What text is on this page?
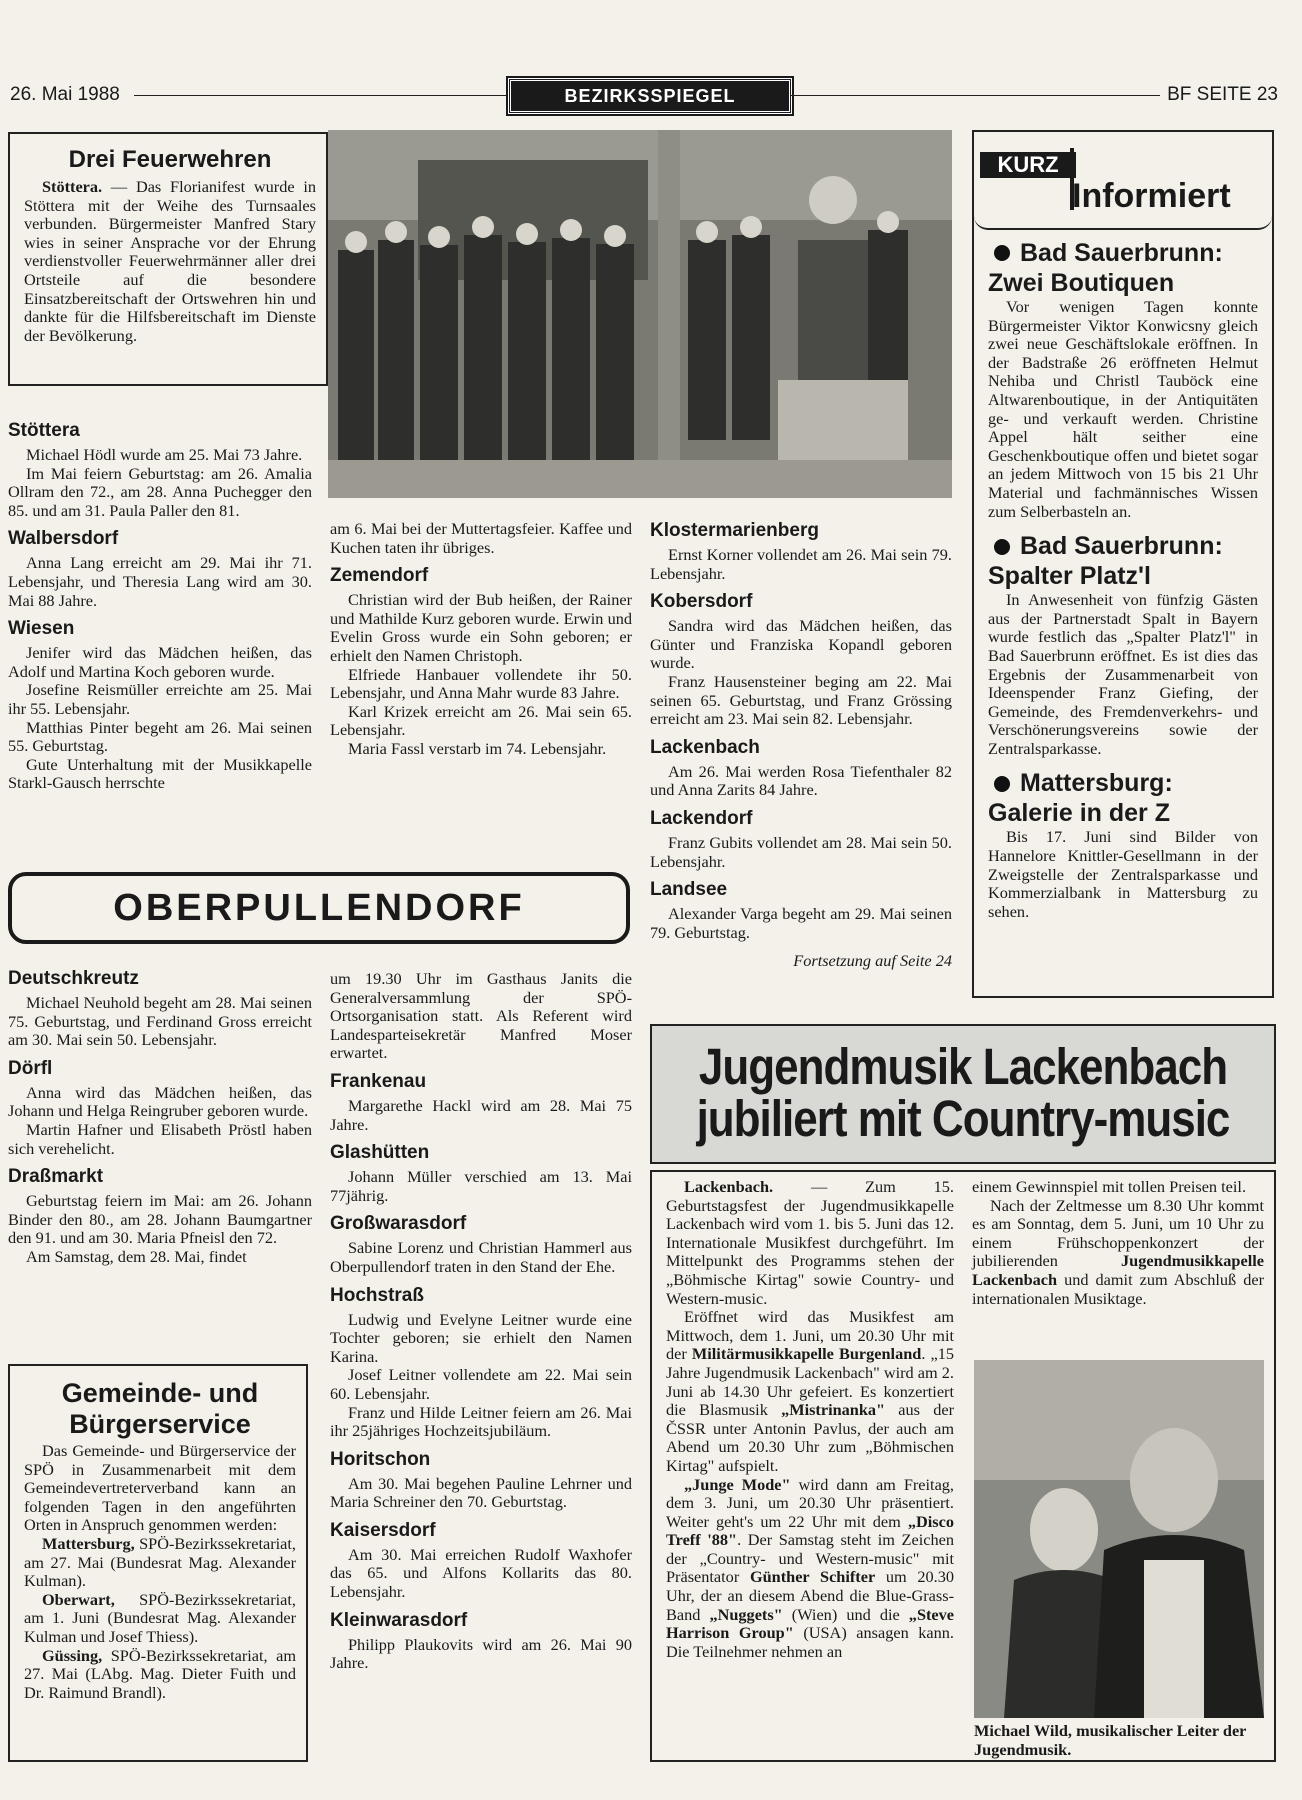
26. Mai 1988	BEZIRKSSPIEGEL	BF SEITE 23
Drei Feuerwehren

Stöttera. — Das Florianifest wurde in Stöttera mit der Weihe des Turnsaales verbunden. Bürgermeister Manfred Stary wies in seiner Ansprache vor der Ehrung verdienstvoller Feuerwehrmänner aller drei Ortsteile auf die besondere Einsatzbereitschaft der Ortswehren hin und dankte für die Hilfsbereitschaft im Dienste der Bevölkerung.

Stöttera

Michael Hödl wurde am 25. Mai 73 Jahre.

Im Mai feiern Geburtstag: am 26. Amalia Ollram den 72., am 28. Anna Puchegger den 85. und am 31. Paula Paller den 81.

Walbersdorf

Anna Lang erreicht am 29. Mai ihr 71. Lebensjahr, und Theresia Lang wird am 30. Mai 88 Jahre.

Wiesen

Jenifer wird das Mädchen heißen, das Adolf und Martina Koch geboren wurde.

Josefine Reismüller erreichte am 25. Mai ihr 55. Lebensjahr.

Matthias Pinter begeht am 26. Mai seinen 55. Geburtstag.

Gute Unterhaltung mit der Musikkapelle Starkl-Gausch herrschte

am 6. Mai bei der Muttertagsfeier. Kaffee und Kuchen taten ihr übriges.

Zemendorf

Christian wird der Bub heißen, der Rainer und Mathilde Kurz geboren wurde. Erwin und Evelin Gross wurde ein Sohn geboren; er erhielt den Namen Christoph.

Elfriede Hanbauer vollendete ihr 50. Lebensjahr, und Anna Mahr wurde 83 Jahre.

Karl Krizek erreicht am 26. Mai sein 65. Lebensjahr.

Maria Fassl verstarb im 74. Lebensjahr.

Klostermarienberg

Ernst Korner vollendet am 26. Mai sein 79. Lebensjahr.

Kobersdorf

Sandra wird das Mädchen heißen, das Günter und Franziska Kopandl geboren wurde.

Franz Hausensteiner beging am 22. Mai seinen 65. Geburtstag, und Franz Grössing erreicht am 23. Mai sein 82. Lebensjahr.

Lackenbach

Am 26. Mai werden Rosa Tiefenthaler 82 und Anna Zarits 84 Jahre.

Lackendorf

Franz Gubits vollendet am 28. Mai sein 50. Lebensjahr.

Landsee

Alexander Varga begeht am 29. Mai seinen 79. Geburtstag.

Fortsetzung auf Seite 24

KURZ
Informiert
Bad Sauerbrunn:
Zwei Boutiquen

Vor wenigen Tagen konnte Bürgermeister Viktor Konwicsny gleich zwei neue Geschäftslokale eröffnen. In der Badstraße 26 eröffneten Helmut Nehiba und Christl Tauböck eine Altwarenboutique, in der Antiquitäten ge- und verkauft werden. Christine Appel hält seither eine Geschenkboutique offen und bietet sogar an jedem Mittwoch von 15 bis 21 Uhr Material und fachmännisches Wissen zum Selberbasteln an.

Bad Sauerbrunn:
Spalter Platz'l

In Anwesenheit von fünfzig Gästen aus der Partnerstadt Spalt in Bayern wurde festlich das „Spalter Platz'l" in Bad Sauerbrunn eröffnet. Es ist dies das Ergebnis der Zusammenarbeit von Ideenspender Franz Giefing, der Gemeinde, des Fremdenverkehrs- und Verschönerungsvereins sowie der Zentralsparkasse.

Mattersburg:
Galerie in der Z

Bis 17. Juni sind Bilder von Hannelore Knittler-Gesellmann in der Zweigstelle der Zentralsparkasse und Kommerzialbank in Mattersburg zu sehen.

OBERPULLENDORF
Deutschkreutz

Michael Neuhold begeht am 28. Mai seinen 75. Geburtstag, und Ferdinand Gross erreicht am 30. Mai sein 50. Lebensjahr.

Dörfl

Anna wird das Mädchen heißen, das Johann und Helga Reingruber geboren wurde.

Martin Hafner und Elisabeth Pröstl haben sich verehelicht.

Draßmarkt

Geburtstag feiern im Mai: am 26. Johann Binder den 80., am 28. Johann Baumgartner den 91. und am 30. Maria Pfneisl den 72.

Am Samstag, dem 28. Mai, findet

Gemeinde- und
Bürgerservice

Das Gemeinde- und Bürgerservice der SPÖ in Zusammenarbeit mit dem Gemeindevertreterverband kann an folgenden Tagen in den angeführten Orten in Anspruch genommen werden:

Mattersburg, SPÖ-Bezirkssekretariat, am 27. Mai (Bundesrat Mag. Alexander Kulman).

Oberwart, SPÖ-Bezirkssekretariat, am 1. Juni (Bundesrat Mag. Alexander Kulman und Josef Thiess).

Güssing, SPÖ-Bezirkssekretariat, am 27. Mai (LAbg. Mag. Dieter Fuith und Dr. Raimund Brandl).

um 19.30 Uhr im Gasthaus Janits die Generalversammlung der SPÖ-Ortsorganisation statt. Als Referent wird Landesparteisekretär Manfred Moser erwartet.

Frankenau

Margarethe Hackl wird am 28. Mai 75 Jahre.

Glashütten

Johann Müller verschied am 13. Mai 77jährig.

Großwarasdorf

Sabine Lorenz und Christian Hammerl aus Oberpullendorf traten in den Stand der Ehe.

Hochstraß

Ludwig und Evelyne Leitner wurde eine Tochter geboren; sie erhielt den Namen Karina.

Josef Leitner vollendete am 22. Mai sein 60. Lebensjahr.

Franz und Hilde Leitner feiern am 26. Mai ihr 25jähriges Hochzeitsjubiläum.

Horitschon

Am 30. Mai begehen Pauline Lehrner und Maria Schreiner den 70. Geburtstag.

Kaisersdorf

Am 30. Mai erreichen Rudolf Waxhofer das 65. und Alfons Kollarits das 80. Lebensjahr.

Kleinwarasdorf

Philipp Plaukovits wird am 26. Mai 90 Jahre.

Jugendmusik Lackenbach
jubiliert mit Country-music

Lackenbach. — Zum 15. Geburtstagsfest der Jugendmusikkapelle Lackenbach wird vom 1. bis 5. Juni das 12. Internationale Musikfest durchgeführt. Im Mittelpunkt des Programms stehen der „Böhmische Kirtag" sowie Country- und Western-music.

Eröffnet wird das Musikfest am Mittwoch, dem 1. Juni, um 20.30 Uhr mit der Militärmusikkapelle Burgenland. „15 Jahre Jugendmusik Lackenbach" wird am 2. Juni ab 14.30 Uhr gefeiert. Es konzertiert die Blasmusik „Mistrinanka" aus der ČSSR unter Antonin Pavlus, der auch am Abend um 20.30 Uhr zum „Böhmischen Kirtag" aufspielt.

„Junge Mode" wird dann am Freitag, dem 3. Juni, um 20.30 Uhr präsentiert. Weiter geht's um 22 Uhr mit dem „Disco Treff '88". Der Samstag steht im Zeichen der „Country- und Western-music" mit Präsentator Günther Schifter um 20.30 Uhr, der an diesem Abend die Blue-Grass-Band „Nuggets" (Wien) und die „Steve Harrison Group" (USA) ansagen kann. Die Teilnehmer nehmen an

einem Gewinnspiel mit tollen Preisen teil.

Nach der Zeltmesse um 8.30 Uhr kommt es am Sonntag, dem 5. Juni, um 10 Uhr zu einem Frühschoppenkonzert der jubilierenden Jugendmusikkapelle Lackenbach und damit zum Abschluß der internationalen Musiktage.

Michael Wild, musikalischer Leiter der Jugendmusik.
